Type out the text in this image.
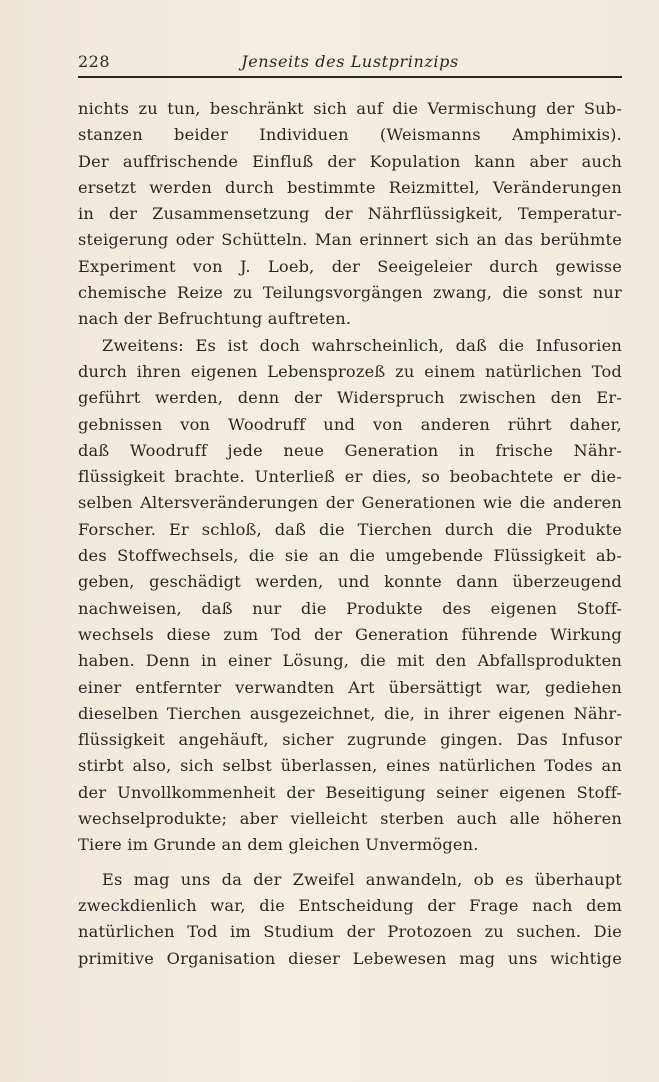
228	Jenseits des Lustprinzips
nichts zu tun, beschränkt sich auf die Vermischung der Sub-
stanzen beider Individuen (Weismanns Amphimixis).
Der auffrischende Einfluß der Kopulation kann aber auch
ersetzt werden durch bestimmte Reizmittel, Veränderungen
in der Zusammensetzung der Nährflüssigkeit, Temperatur-
steigerung oder Schütteln. Man erinnert sich an das berühmte
Experiment von J. Loeb, der Seeigeleier durch gewisse
chemische Reize zu Teilungsvorgängen zwang, die sonst nur
nach der Befruchtung auftreten.
Zweitens: Es ist doch wahrscheinlich, daß die Infusorien
durch ihren eigenen Lebensprozeß zu einem natürlichen Tod
geführt werden, denn der Widerspruch zwischen den Er-
gebnissen von Woodruff und von anderen rührt daher,
daß Woodruff jede neue Generation in frische Nähr-
flüssigkeit brachte. Unterließ er dies, so beobachtete er die-
selben Altersveränderungen der Generationen wie die anderen
Forscher. Er schloß, daß die Tierchen durch die Produkte
des Stoffwechsels, die sie an die umgebende Flüssigkeit ab-
geben, geschädigt werden, und konnte dann überzeugend
nachweisen, daß nur die Produkte des eigenen Stoff-
wechsels diese zum Tod der Generation führende Wirkung
haben. Denn in einer Lösung, die mit den Abfallsprodukten
einer entfernter verwandten Art übersättigt war, gediehen
dieselben Tierchen ausgezeichnet, die, in ihrer eigenen Nähr-
flüssigkeit angehäuft, sicher zugrunde gingen. Das Infusor
stirbt also, sich selbst überlassen, eines natürlichen Todes an
der Unvollkommenheit der Beseitigung seiner eigenen Stoff-
wechselprodukte; aber vielleicht sterben auch alle höheren
Tiere im Grunde an dem gleichen Unvermögen.
Es mag uns da der Zweifel anwandeln, ob es überhaupt
zweckdienlich war, die Entscheidung der Frage nach dem
natürlichen Tod im Studium der Protozoen zu suchen. Die
primitive Organisation dieser Lebewesen mag uns wichtige
